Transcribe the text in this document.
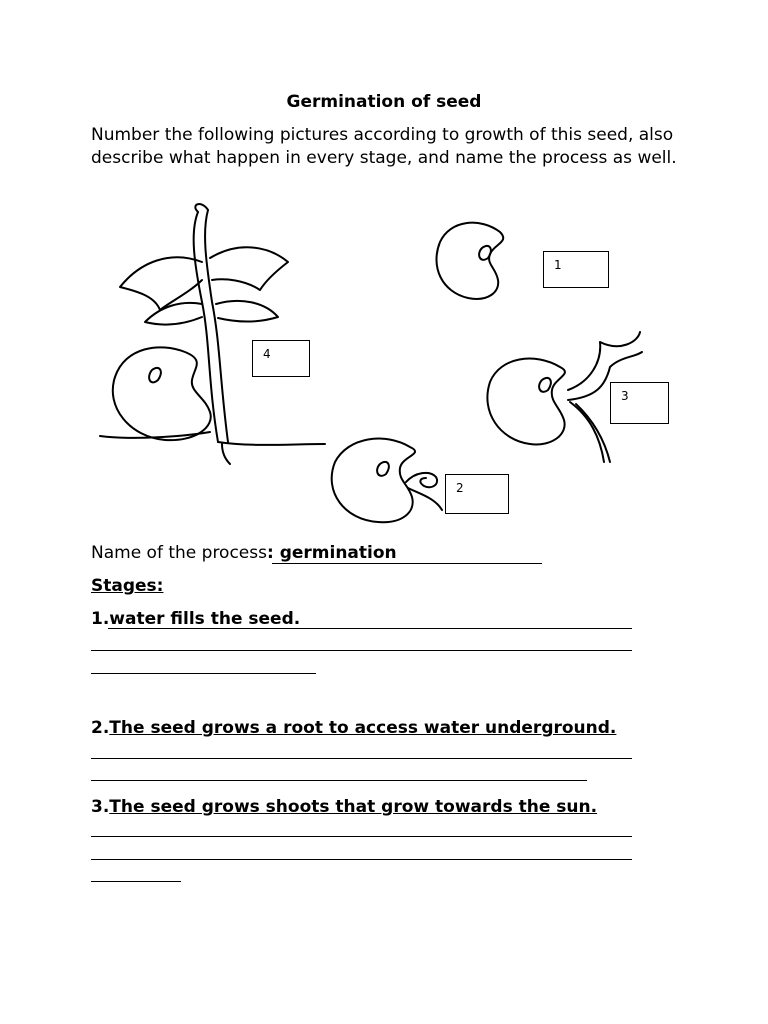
Germination of seed
Number the following pictures according to growth of this seed, also describe what happen in every stage, and name the process as well.
4
1
3
2
Name of the process: germination
Stages:
1.water fills the seed.
2.The seed grows a root to access water underground.
3.The seed grows shoots that grow towards the sun.
